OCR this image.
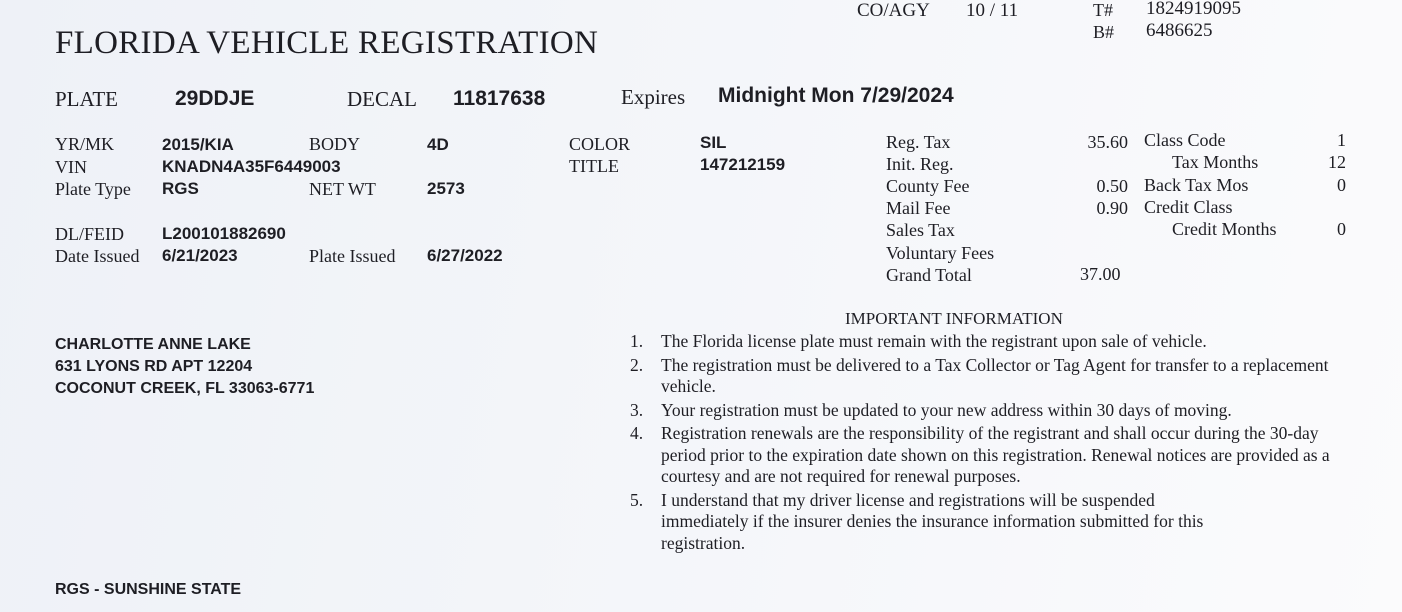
CO/AGY 10 / 11	T# 1824919095
B# 6486625
FLORIDA VEHICLE REGISTRATION
PLATE	29DDJE	DECAL 11817638	Expires Midnight Mon 7/29/2024
YR/MK	2015/KIA	BODY	4D	COLOR	SIL
VIN	KNADN4A35F6449003	TITLE	147212159
Plate Type RGS	NET WT	2573
DL/FEID L200101882690
Date Issued 6/21/2023	Plate Issued 6/27/2022
Reg. Tax	35.60
Init. Reg.
County Fee	0.50
Mail Fee	0.90
Sales Tax
Voluntary Fees
Grand Total	37.00
Class Code	1
Tax Months	12
Back Tax Mos	0
Credit Class
Credit Months	0
CHARLOTTE ANNE LAKE
631 LYONS RD APT 12204
COCONUT CREEK, FL 33063-6771
IMPORTANT INFORMATION
1.	The Florida license plate must remain with the registrant upon sale of vehicle.
2.	The registration must be delivered to a Tax Collector or Tag Agent for transfer to a replacement vehicle.
3.	Your registration must be updated to your new address within 30 days of moving.
4.	Registration renewals are the responsibility of the registrant and shall occur during the 30-day period prior to the expiration date shown on this registration. Renewal notices are provided as a courtesy and are not required for renewal purposes.
5.	I understand that my driver license and registrations will be suspended immediately if the insurer denies the insurance information submitted for this registration.
RGS - SUNSHINE STATE
